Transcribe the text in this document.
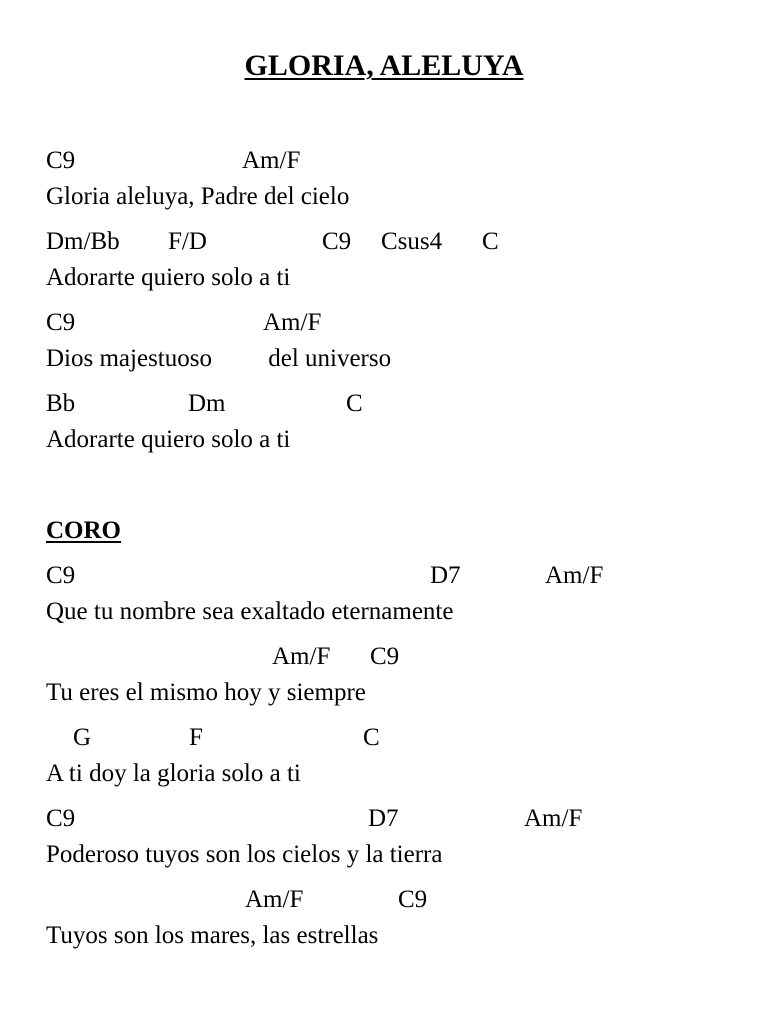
GLORIA, ALELUYA
C9	Am/F
Gloria aleluya, Padre del cielo
Dm/Bb F/D	C9 Csus4 C
Adorarte quiero solo a ti
C9	Am/F
Dios majestuoso         del universo
Bb	Dm	C
Adorarte quiero solo a ti
CORO
C9	D7	Am/F
Que tu nombre sea exaltado eternamente
Am/F C9
Tu eres el mismo hoy y siempre
G	F	C
A ti doy la gloria solo a ti
C9	D7	Am/F
Poderoso tuyos son los cielos y la tierra
Am/F	C9
Tuyos son los mares, las estrellas
